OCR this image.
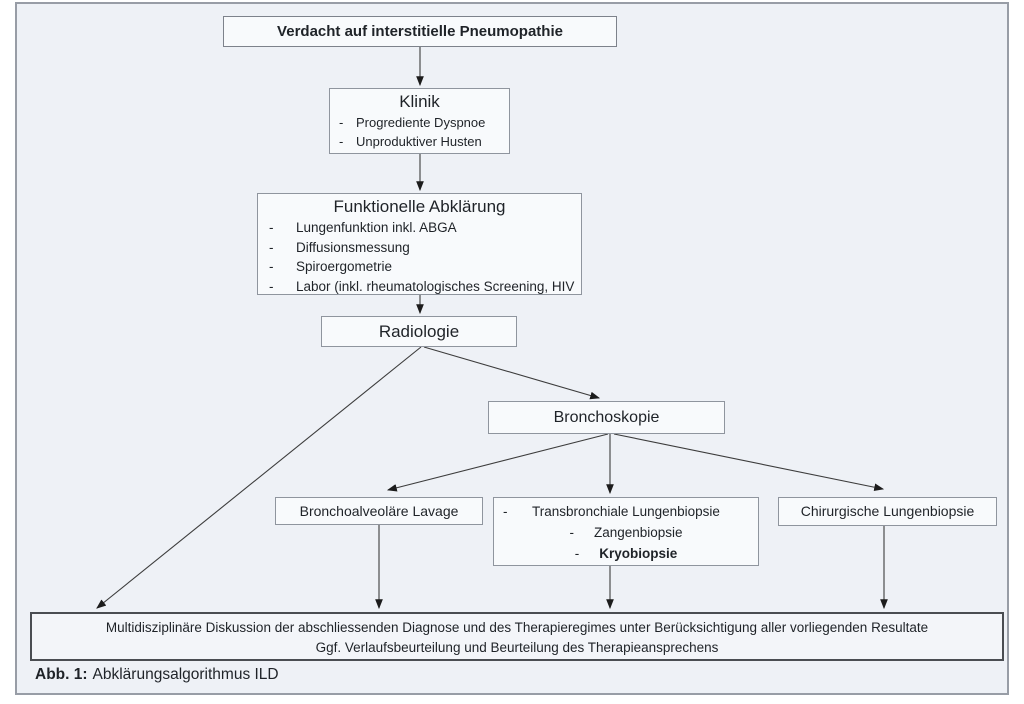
Verdacht auf interstitielle Pneumopathie
Klinik
- Progrediente Dyspnoe
- Unproduktiver Husten
Funktionelle Abklärung
-	Lungenfunktion inkl. ABGA
-	Diffusionsmessung
-	Spiroergometrie
-	Labor (inkl. rheumatologisches Screening, HIV
Radiologie
Bronchoskopie
Bronchoalveoläre Lavage	- Transbronchiale Lungenbiopsie
- Zangenbiopsie
- Kryobiopsie
Chirurgische Lungenbiopsie
Multidisziplinäre Diskussion der abschliessenden Diagnose und des Therapieregimes unter Berücksichtigung aller vorliegenden Resultate
Ggf. Verlaufsbeurteilung und Beurteilung des Therapieansprechens
Abb. 1: Abklärungsalgorithmus ILD
